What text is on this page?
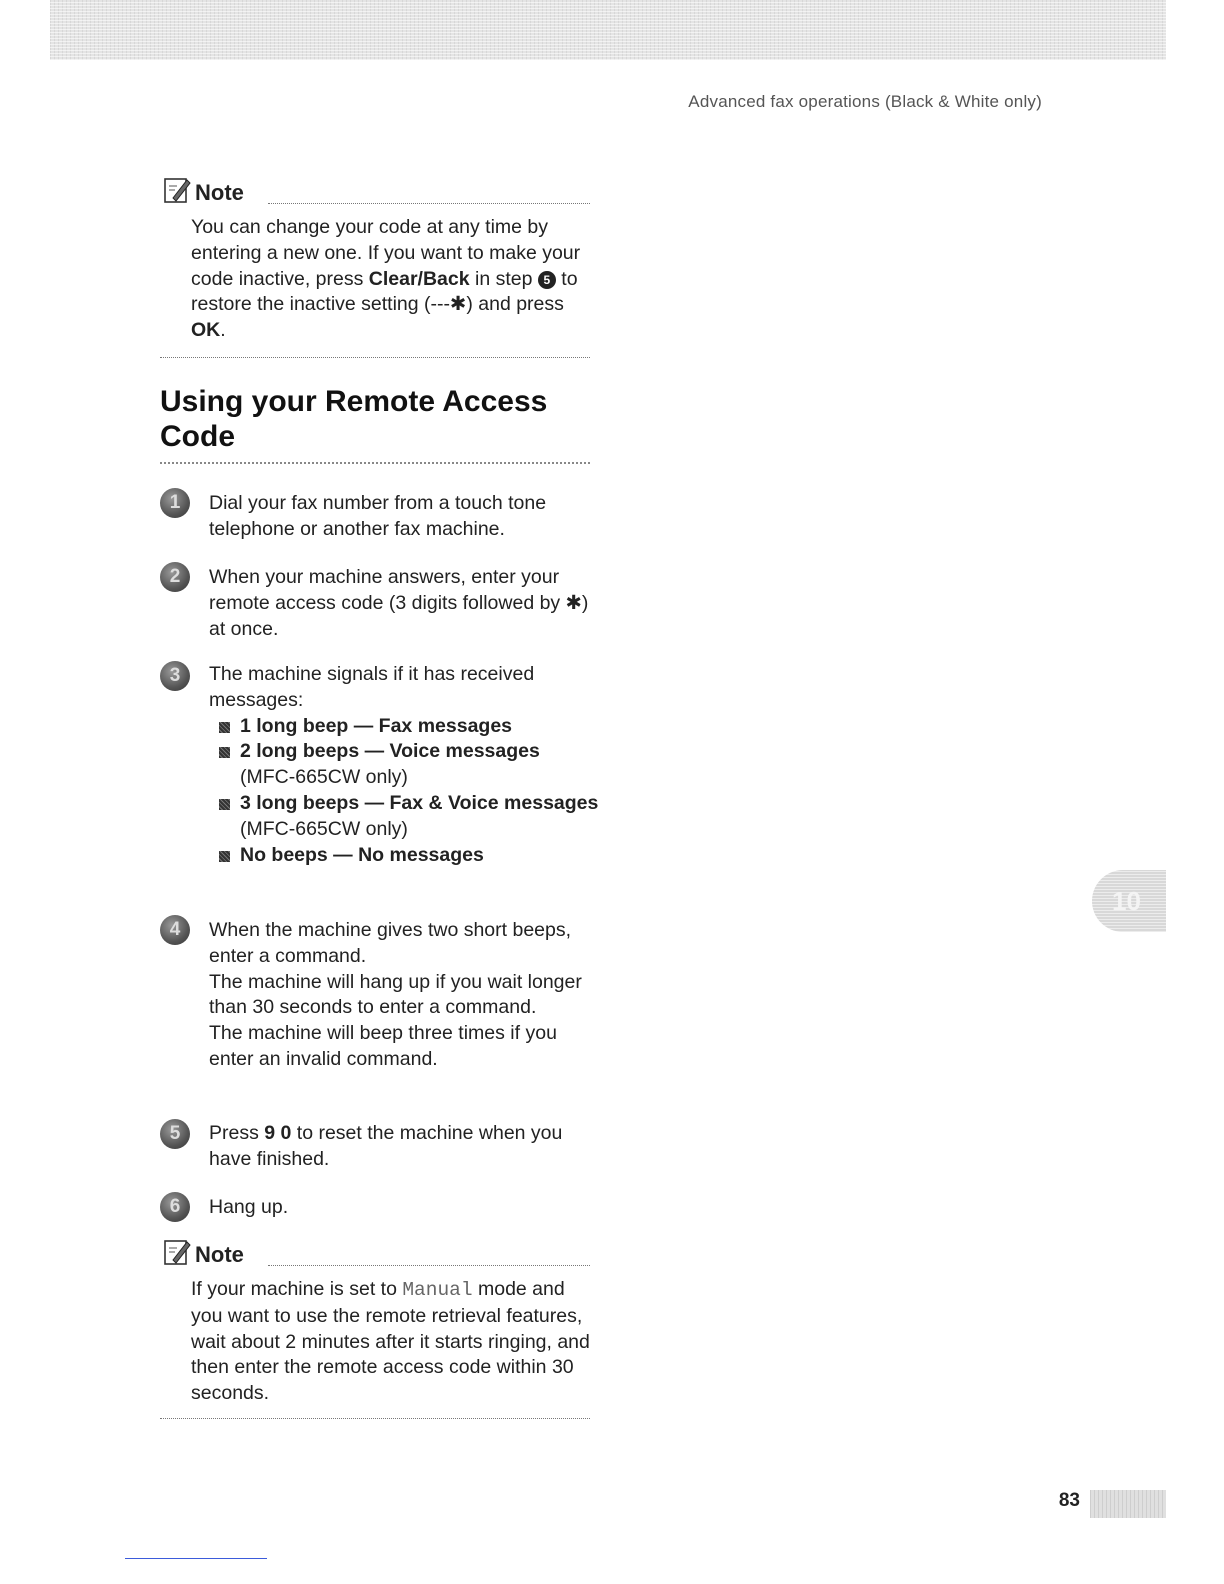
Advanced fax operations (Black & White only)
Note
You can change your code at any time by entering a new one. If you want to make your code inactive, press Clear/Back in step 5 to restore the inactive setting (---✱) and press OK.
Using your Remote Access Code
1	Dial your fax number from a touch tone telephone or another fax machine.
2	When your machine answers, enter your remote access code (3 digits followed by ✱) at once.
3	The machine signals if it has received messages:
1 long beep — Fax messages
2 long beeps — Voice messages
(MFC-665CW only)
3 long beeps — Fax & Voice messages
(MFC-665CW only)
No beeps — No messages
4	When the machine gives two short beeps, enter a command.
The machine will hang up if you wait longer than 30 seconds to enter a command.
The machine will beep three times if you enter an invalid command.
5	Press 9 0 to reset the machine when you have finished.
6	Hang up.
Note
If your machine is set to Manual mode and you want to use the remote retrieval features, wait about 2 minutes after it starts ringing, and then enter the remote access code within 30 seconds.
10
83
